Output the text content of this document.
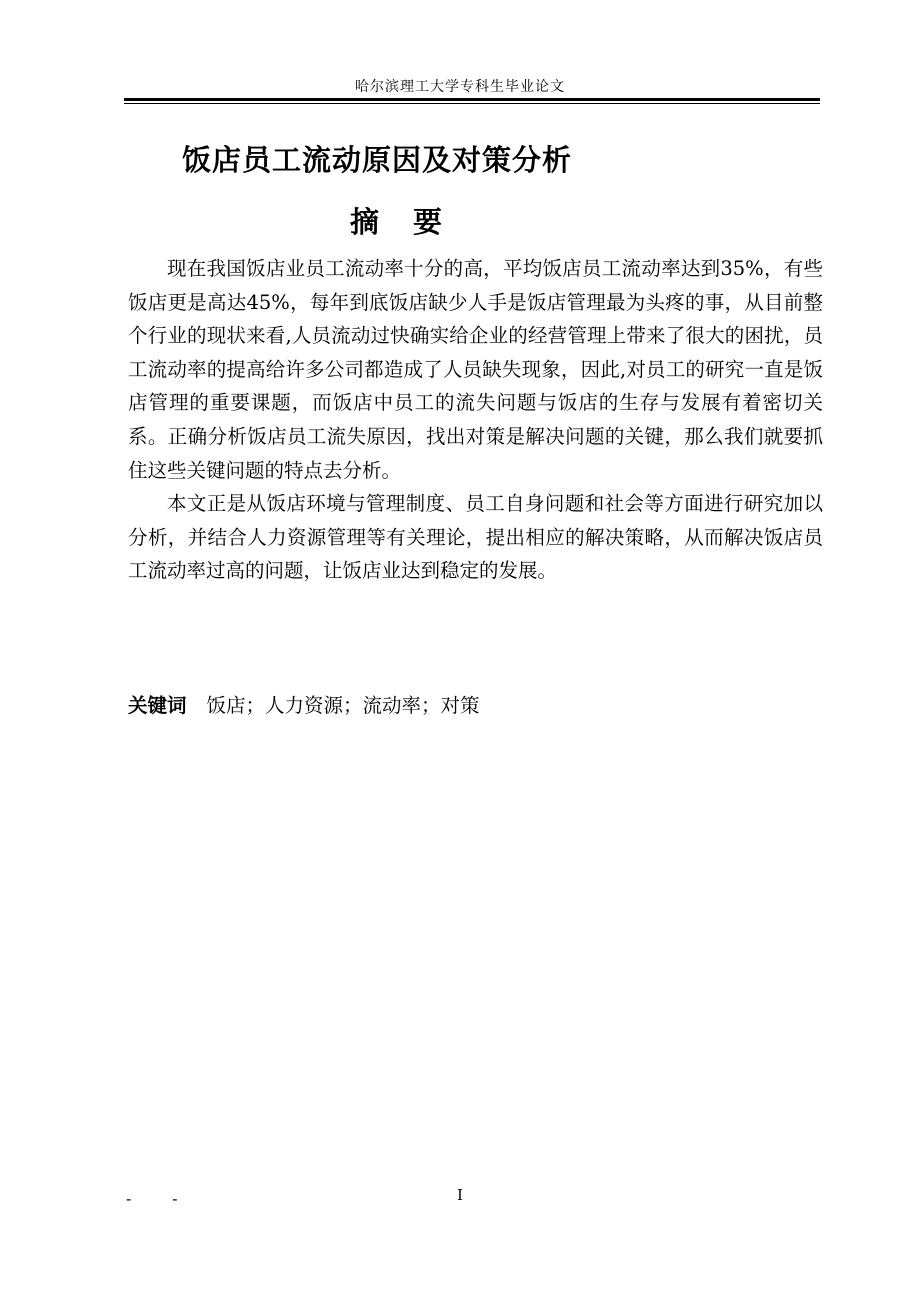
哈尔滨理工大学专科生毕业论文
饭店员工流动原因及对策分析
摘 要

现在我国饭店业员工流动率十分的高，平均饭店员工流动率达到35%，有些饭店更是高达45%，每年到底饭店缺少人手是饭店管理最为头疼的事，从目前整个行业的现状来看,人员流动过快确实给企业的经营管理上带来了很大的困扰，员工流动率的提高给许多公司都造成了人员缺失现象，因此,对员工的研究一直是饭店管理的重要课题，而饭店中员工的流失问题与饭店的生存与发展有着密切关系。正确分析饭店员工流失原因，找出对策是解决问题的关键，那么我们就要抓住这些关键问题的特点去分析。

本文正是从饭店环境与管理制度、员工自身问题和社会等方面进行研究加以分析，并结合人力资源管理等有关理论，提出相应的解决策略，从而解决饭店员工流动率过高的问题，让饭店业达到稳定的发展。

关键词 饭店；人力资源；流动率；对策
- -	I
